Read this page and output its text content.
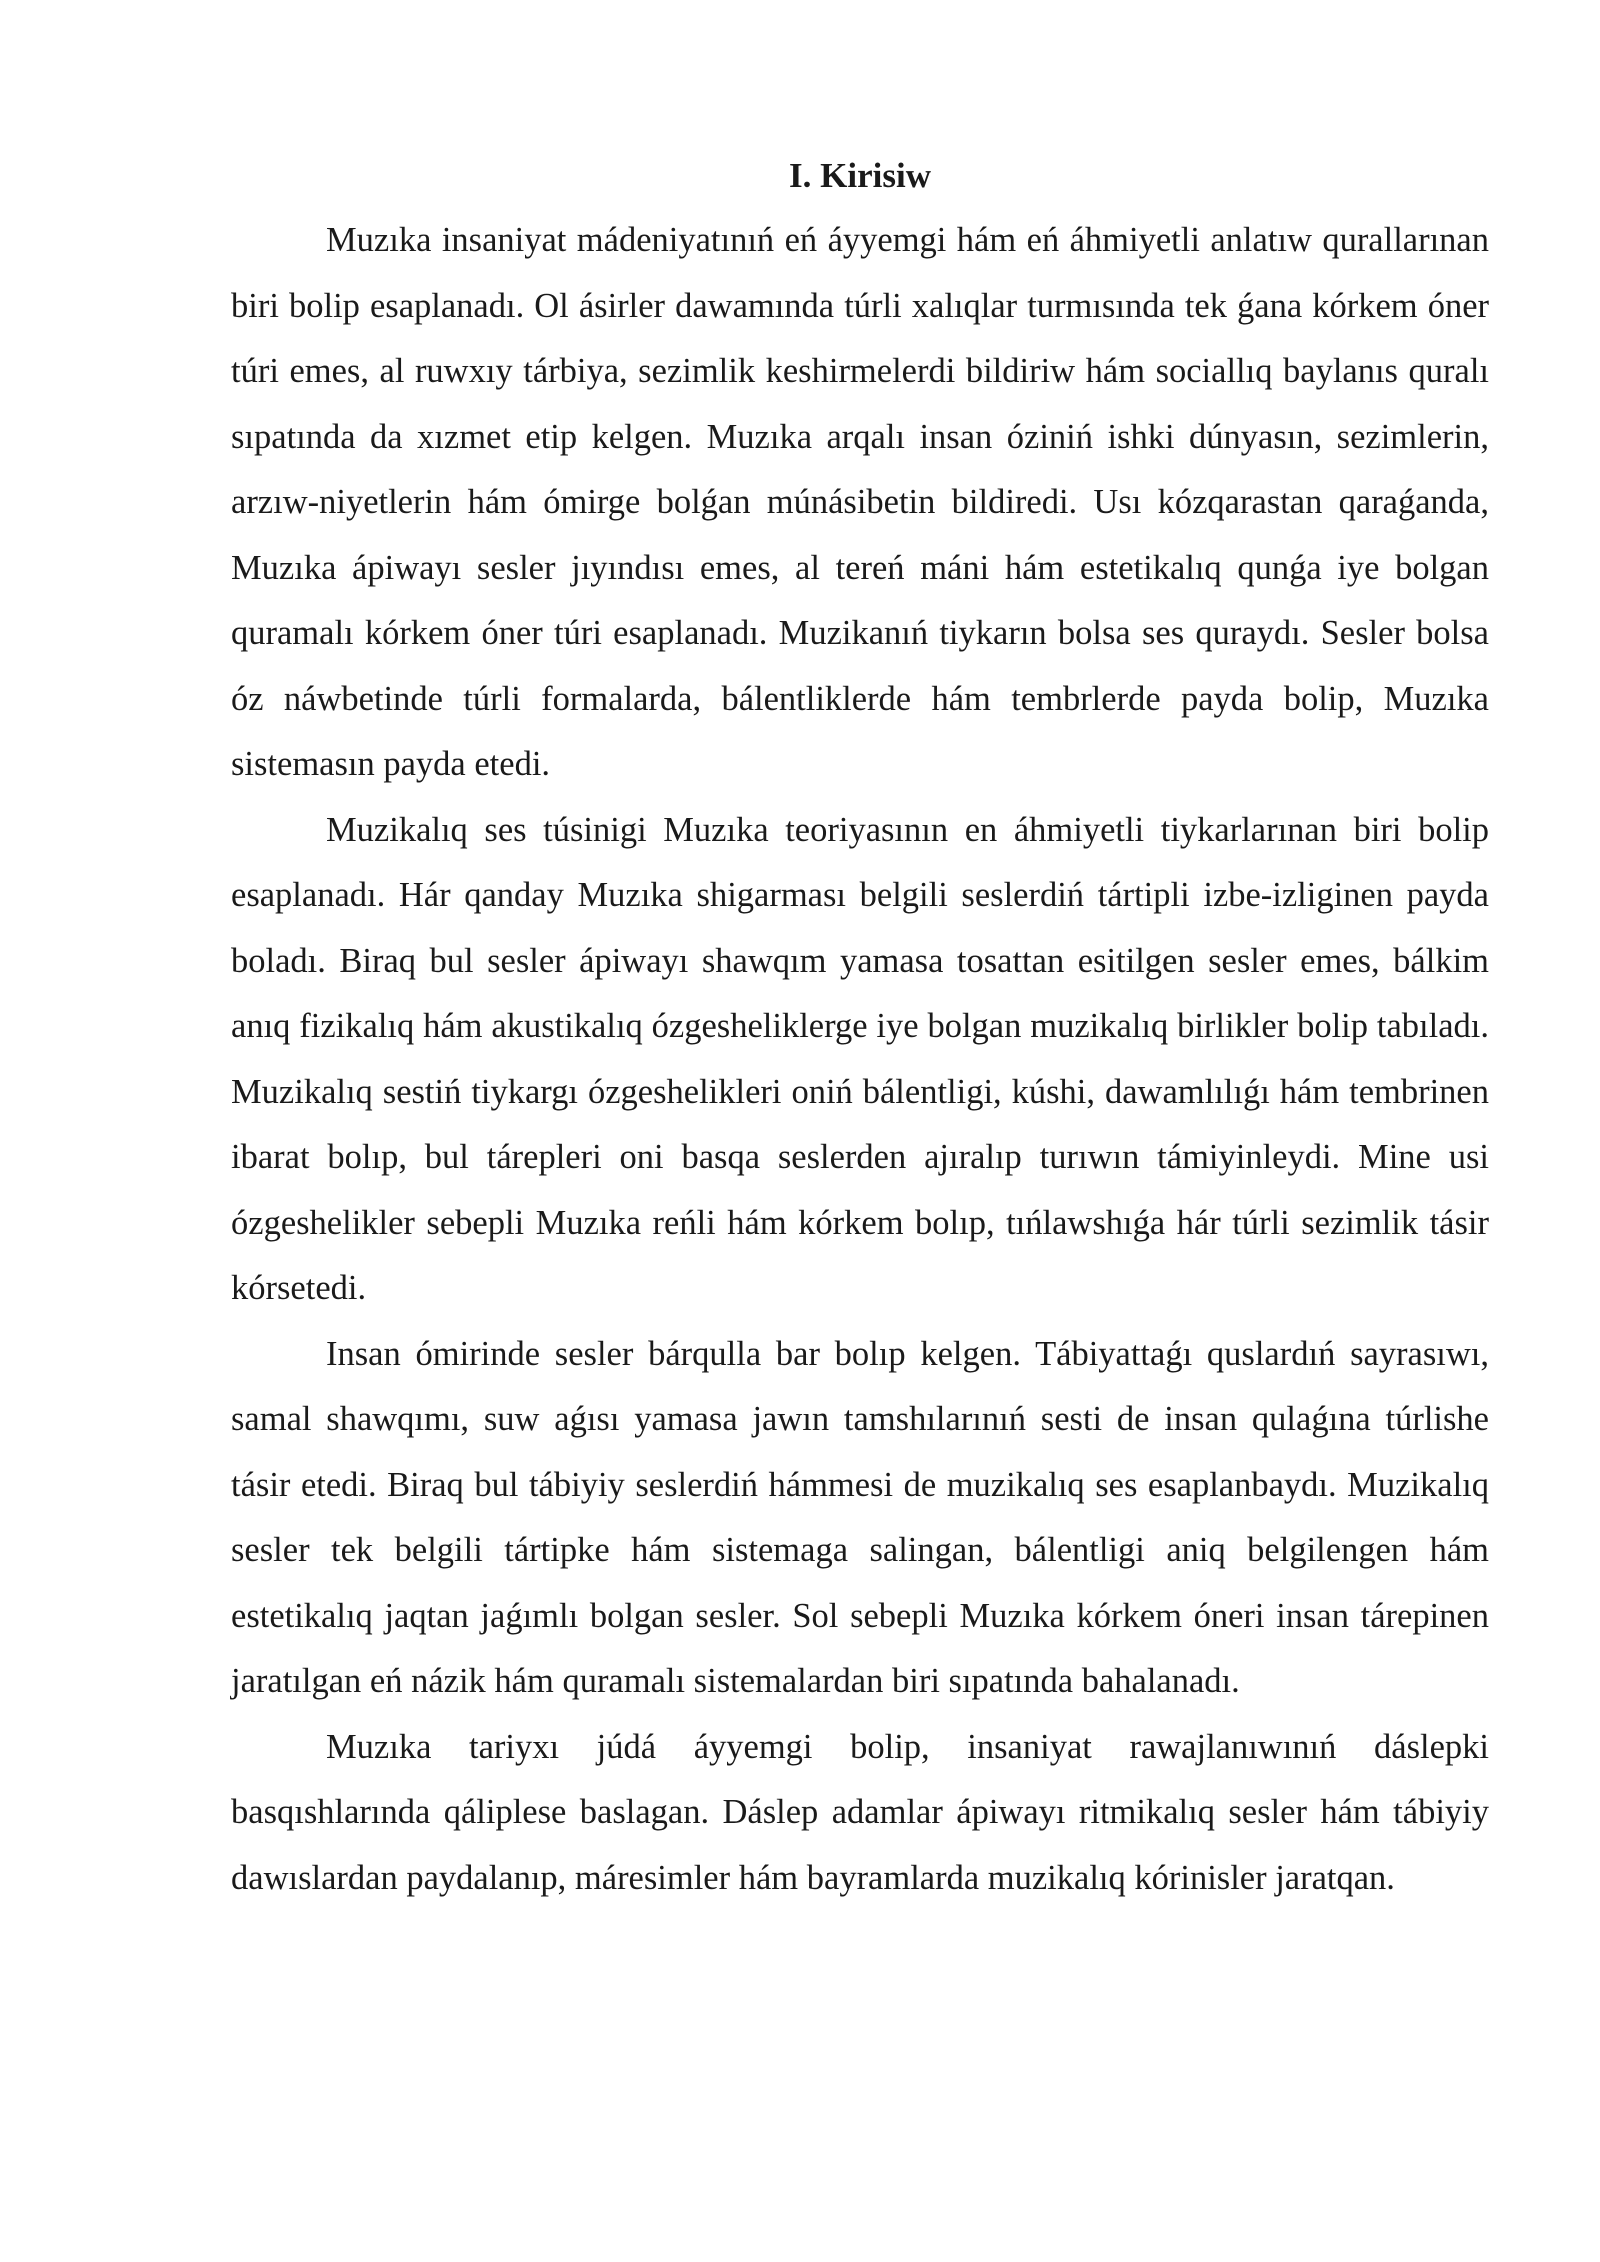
I. Kirisiw

Muzıka insaniyat mádeniyatınıń eń áyyemgi hám eń áhmiyetli anlatıw qurallarınan biri bolip esaplanadı. Ol ásirler dawamında túrli xalıqlar turmısında tek ǵana kórkem óner túri emes, al ruwxıy tárbiya, sezimlik keshirmelerdi bildiriw hám sociallıq baylanıs quralı sıpatında da xızmet etip kelgen. Muzıka arqalı insan óziniń ishki dúnyasın, sezimlerin, arzıw-niyetlerin hám ómirge bolǵan múnásibetin bildiredi. Usı kózqarastan qaraǵanda, Muzıka ápiwayı sesler jıyındısı emes, al tereń máni hám estetikalıq qunǵa iye bolgan quramalı kórkem óner túri esaplanadı. Muzikanıń tiykarın bolsa ses quraydı. Sesler bolsa óz náwbetinde túrli formalarda, bálentliklerde hám tembrlerde payda bolip, Muzıka sistemasın payda etedi.

Muzikalıq ses túsinigi Muzıka teoriyasının en áhmiyetli tiykarlarınan biri bolip esaplanadı. Hár qanday Muzıka shigarması belgili seslerdiń tártipli izbe-izliginen payda boladı. Biraq bul sesler ápiwayı shawqım yamasa tosattan esitilgen sesler emes, bálkim anıq fizikalıq hám akustikalıq ózgesheliklerge iye bolgan muzikalıq birlikler bolip tabıladı. Muzikalıq sestiń tiykargı ózgeshelikleri oniń bálentligi, kúshi, dawamlılıǵı hám tembrinen ibarat bolıp, bul tárepleri oni basqa seslerden ajıralıp turıwın támiyinleydi. Mine usi ózgeshelikler sebepli Muzıka reńli hám kórkem bolıp, tıńlawshıǵa hár túrli sezimlik tásir kórsetedi.

Insan ómirinde sesler bárqulla bar bolıp kelgen. Tábiyattaǵı quslardıń sayrasıwı, samal shawqımı, suw aǵısı yamasa jawın tamshılarınıń sesti de insan qulaǵına túrlishe tásir etedi. Biraq bul tábiyiy seslerdiń hámmesi de muzikalıq ses esaplanbaydı. Muzikalıq sesler tek belgili tártipke hám sistemaga salingan, bálentligi aniq belgilengen hám estetikalıq jaqtan jaǵımlı bolgan sesler. Sol sebepli Muzıka kórkem óneri insan tárepinen jaratılgan eń názik hám quramalı sistemalardan biri sıpatında bahalanadı.

Muzıka tariyxı júdá áyyemgi bolip, insaniyat rawajlanıwınıń dáslepki basqıshlarında qáliplese baslagan. Dáslep adamlar ápiwayı ritmikalıq sesler hám tábiyiy dawıslardan paydalanıp, máresimler hám bayramlarda muzikalıq kórinisler jaratqan.
